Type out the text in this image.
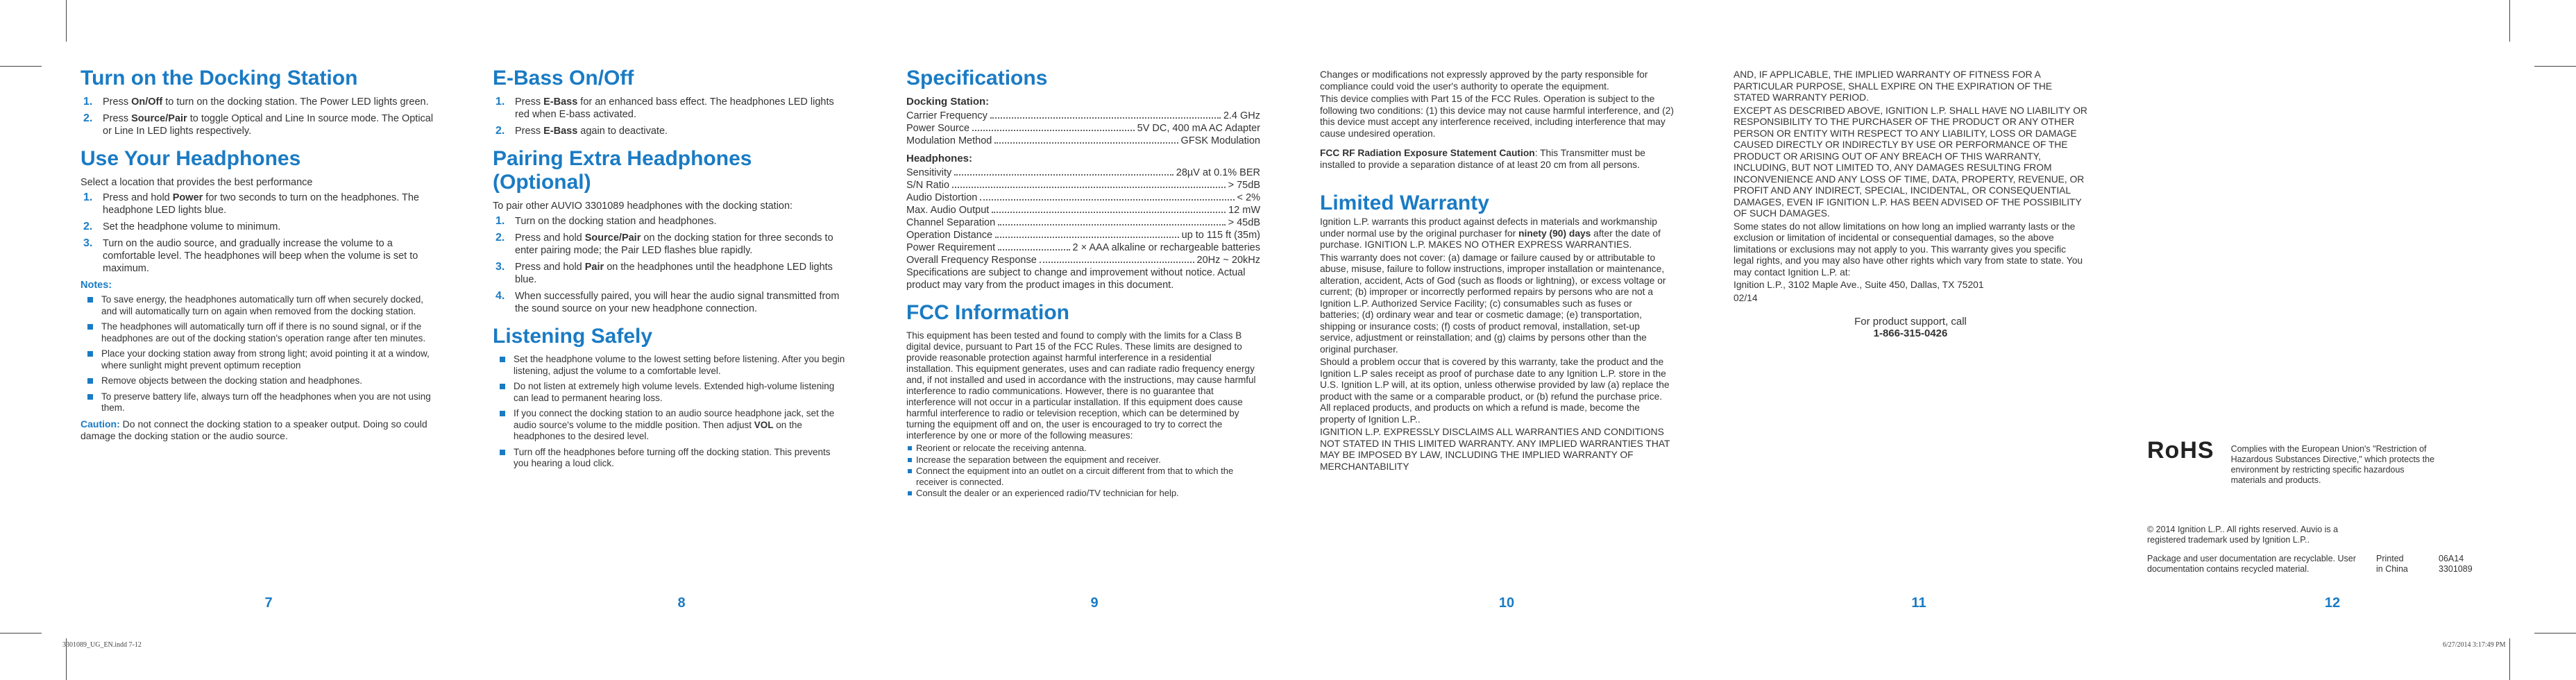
Turn on the Docking Station
1. Press On/Off to turn on the docking station. The Power LED lights green.
2. Press Source/Pair to toggle Optical and Line In source mode. The Optical or Line In LED lights respectively.
Use Your Headphones

Select a location that provides the best performance

1. Press and hold Power for two seconds to turn on the headphones. The headphone LED lights blue.
2. Set the headphone volume to minimum.
3. Turn on the audio source, and gradually increase the volume to a comfortable level. The headphones will beep when the volume is set to maximum.
Notes:
To save energy, the headphones automatically turn off when securely docked, and will automatically turn on again when removed from the docking station.
The headphones will automatically turn off if there is no sound signal, or if the headphones are out of the docking station's operation range after ten minutes.
Place your docking station away from strong light; avoid pointing it at a window, where sunlight might prevent optimum reception
Remove objects between the docking station and headphones.
To preserve battery life, always turn off the headphones when you are not using them.

Caution: Do not connect the docking station to a speaker output. Doing so could damage the docking station or the audio source.

E-Bass On/Off
1. Press E-Bass for an enhanced bass effect. The headphones LED lights red when E-bass activated.
2. Press E-Bass again to deactivate.
Pairing Extra Headphones (Optional)

To pair other AUVIO 3301089 headphones with the docking station:

1. Turn on the docking station and headphones.
2. Press and hold Source/Pair on the docking station for three seconds to enter pairing mode; the Pair LED flashes blue rapidly.
3. Press and hold Pair on the headphones until the headphone LED lights blue.
4. When successfully paired, you will hear the audio signal transmitted from the sound source on your new headphone connection.
Listening Safely
Set the headphone volume to the lowest setting before listening. After you begin listening, adjust the volume to a comfortable level.
Do not listen at extremely high volume levels. Extended high-volume listening can lead to permanent hearing loss.
If you connect the docking station to an audio source headphone jack, set the audio source's volume to the middle position. Then adjust VOL on the headphones to the desired level.
Turn off the headphones before turning off the docking station. This prevents you hearing a loud click.
Specifications
Docking Station:
Carrier Frequency	2.4 GHz
Power Source	5V DC, 400 mA AC Adapter
Modulation Method	GFSK Modulation
Headphones:
Sensitivity	28µV at 0.1% BER
S/N Ratio	> 75dB
Audio Distortion	< 2%
Max. Audio Output	12 mW
Channel Separation	> 45dB
Operation Distance	up to 115 ft (35m)
Power Requirement	2 × AAA alkaline or rechargeable batteries
Overall Frequency Response	20Hz ~ 20kHz

Specifications are subject to change and improvement without notice. Actual product may vary from the product images in this document.

FCC Information

This equipment has been tested and found to comply with the limits for a Class B digital device, pursuant to Part 15 of the FCC Rules. These limits are designed to provide reasonable protection against harmful interference in a residential installation. This equipment generates, uses and can radiate radio frequency energy and, if not installed and used in accordance with the instructions, may cause harmful interference to radio communications. However, there is no guarantee that interference will not occur in a particular installation. If this equipment does cause harmful interference to radio or television reception, which can be determined by turning the equipment off and on, the user is encouraged to try to correct the interference by one or more of the following measures:

Reorient or relocate the receiving antenna.
Increase the separation between the equipment and receiver.
Connect the equipment into an outlet on a circuit different from that to which the receiver is connected.
Consult the dealer or an experienced radio/TV technician for help.

Changes or modifications not expressly approved by the party responsible for compliance could void the user's authority to operate the equipment.

This device complies with Part 15 of the FCC Rules. Operation is subject to the following two conditions: (1) this device may not cause harmful interference, and (2) this device must accept any interference received, including interference that may cause undesired operation.

FCC RF Radiation Exposure Statement Caution: This Transmitter must be installed to provide a separation distance of at least 20 cm from all persons.

Limited Warranty

Ignition L.P. warrants this product against defects in materials and workmanship under normal use by the original purchaser for ninety (90) days after the date of purchase. IGNITION L.P. MAKES NO OTHER EXPRESS WARRANTIES.

This warranty does not cover: (a) damage or failure caused by or attributable to abuse, misuse, failure to follow instructions, improper installation or maintenance, alteration, accident, Acts of God (such as floods or lightning), or excess voltage or current; (b) improper or incorrectly performed repairs by persons who are not a Ignition L.P. Authorized Service Facility; (c) consumables such as fuses or batteries; (d) ordinary wear and tear or cosmetic damage; (e) transportation, shipping or insurance costs; (f) costs of product removal, installation, set-up service, adjustment or reinstallation; and (g) claims by persons other than the original purchaser.

Should a problem occur that is covered by this warranty, take the product and the Ignition L.P sales receipt as proof of purchase date to any Ignition L.P. store in the U.S. Ignition L.P will, at its option, unless otherwise provided by law (a) replace the product with the same or a comparable product, or (b) refund the purchase price. All replaced products, and products on which a refund is made, become the property of Ignition L.P..

IGNITION L.P. EXPRESSLY DISCLAIMS ALL WARRANTIES AND CONDITIONS NOT STATED IN THIS LIMITED WARRANTY. ANY IMPLIED WARRANTIES THAT MAY BE IMPOSED BY LAW, INCLUDING THE IMPLIED WARRANTY OF MERCHANTABILITY

AND, IF APPLICABLE, THE IMPLIED WARRANTY OF FITNESS FOR A PARTICULAR PURPOSE, SHALL EXPIRE ON THE EXPIRATION OF THE STATED WARRANTY PERIOD.

EXCEPT AS DESCRIBED ABOVE, IGNITION L.P. SHALL HAVE NO LIABILITY OR RESPONSIBILITY TO THE PURCHASER OF THE PRODUCT OR ANY OTHER PERSON OR ENTITY WITH RESPECT TO ANY LIABILITY, LOSS OR DAMAGE CAUSED DIRECTLY OR INDIRECTLY BY USE OR PERFORMANCE OF THE PRODUCT OR ARISING OUT OF ANY BREACH OF THIS WARRANTY, INCLUDING, BUT NOT LIMITED TO, ANY DAMAGES RESULTING FROM INCONVENIENCE AND ANY LOSS OF TIME, DATA, PROPERTY, REVENUE, OR PROFIT AND ANY INDIRECT, SPECIAL, INCIDENTAL, OR CONSEQUENTIAL DAMAGES, EVEN IF IGNITION L.P. HAS BEEN ADVISED OF THE POSSIBILITY OF SUCH DAMAGES.

Some states do not allow limitations on how long an implied warranty lasts or the exclusion or limitation of incidental or consequential damages, so the above limitations or exclusions may not apply to you. This warranty gives you specific legal rights, and you may also have other rights which vary from state to state. You may contact Ignition L.P. at:

Ignition L.P., 3102 Maple Ave., Suite 450, Dallas, TX 75201

02/14

For product support, call
1-866-315-0426
RoHS Complies with the European Union's "Restriction of Hazardous Substances Directive," which protects the environment by restricting specific hazardous materials and products.

© 2014 Ignition L.P.. All rights reserved. Auvio is a registered trademark used by Ignition L.P..

Package and user documentation are recyclable. User documentation contains recycled material.
Printed
in China
06A14
3301089
7	8	9	10	11	12
3301089_UG_EN.indd 7-12	6/27/2014 3:17:49 PM
